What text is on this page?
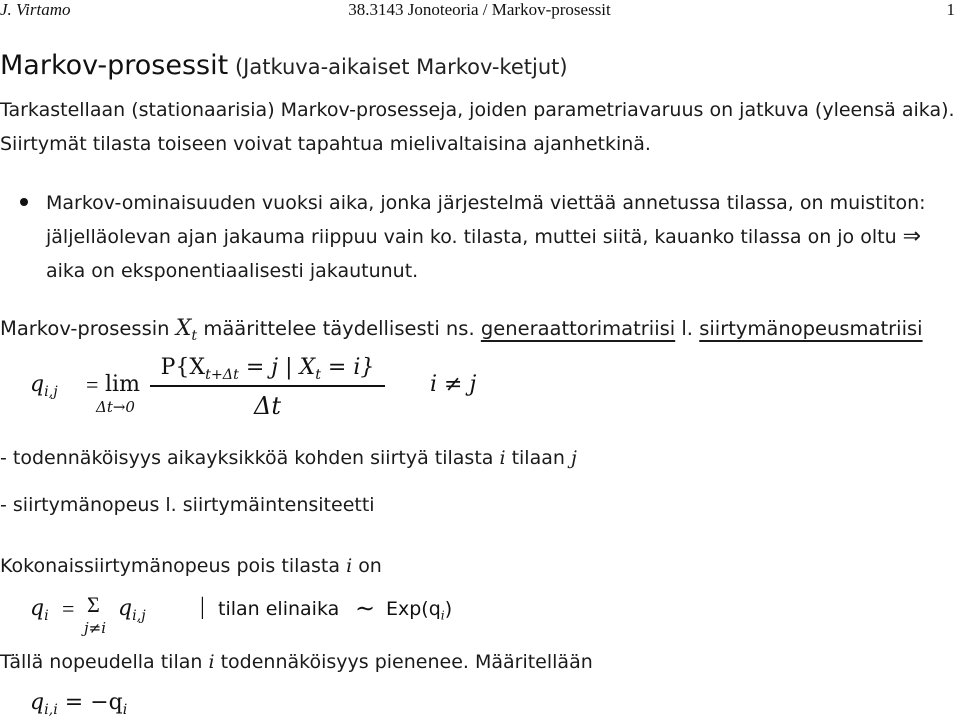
J. Virtamo	38.3143 Jonoteoria / Markov-prosessit	1
Markov-prosessit (Jatkuva-aikaiset Markov-ketjut)
Tarkastellaan (stationaarisia) Markov-prosesseja, joiden parametriavaruus on jatkuva (yleensä aika). Siirtymät tilasta toiseen voivat tapahtua mielivaltaisina ajanhetkinä.
Markov-ominaisuuden vuoksi aika, jonka järjestelmä viettää annetussa tilassa, on muistiton: jäljelläolevan ajan jakauma riippuu vain ko. tilasta, muttei siitä, kauanko tilassa on jo oltu ⇒ aika on eksponentiaalisesti jakautunut.
Markov-prosessin $X_t$ määrittelee täydellisesti ns. generaattorimatriisi l. siirtymänopeusmatriisi
$q_{i,j} = \lim$
Δt→0
$P\{X_{t+\Delta t} = j$ | $X_t = i$}
Δt
i ≠ j
- todennäköisyys aikayksikköä kohden siirtyä tilasta i tilaan j
- siirtymänopeus l. siirtymäintensiteetti
Kokonaissiirtymänopeus pois tilasta i on
$q_i = \Sigma$
j≠i
$q_{i,j}$ | tilan elinaika ∼ $Exp(q_i)$
Tällä nopeudella tilan i todennäköisyys pienenee. Määritellään
$q_{i,i} = -q_i$
